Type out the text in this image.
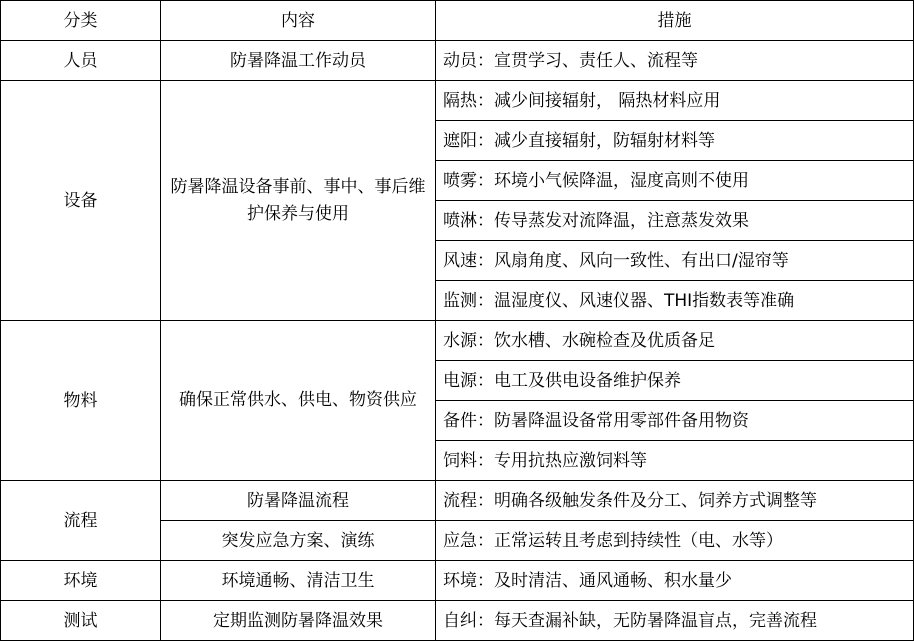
分类	内容	措施
人员	防暑降温工作动员	动员：宣贯学习、责任人、流程等
设备	防暑降温设备事前、事中、事后维护保养与使用	隔热：减少间接辐射， 隔热材料应用
		遮阳：减少直接辐射，防辐射材料等
		喷雾：环境小气候降温，湿度高则不使用
		喷淋：传导蒸发对流降温，注意蒸发效果
		风速：风扇角度、风向一致性、有出口/湿帘等
		监测：温湿度仪、风速仪器、THI指数表等准确
物料	确保正常供水、供电、物资供应	水源：饮水槽、水碗检查及优质备足
		电源：电工及供电设备维护保养
		备件：防暑降温设备常用零部件备用物资
		饲料：专用抗热应激饲料等
流程	防暑降温流程	流程：明确各级触发条件及分工、饲养方式调整等
	突发应急方案、演练	应急：正常运转且考虑到持续性（电、水等）
环境	环境通畅、清洁卫生	环境：及时清洁、通风通畅、积水量少
测试	定期监测防暑降温效果	自纠：每天查漏补缺，无防暑降温盲点，完善流程
